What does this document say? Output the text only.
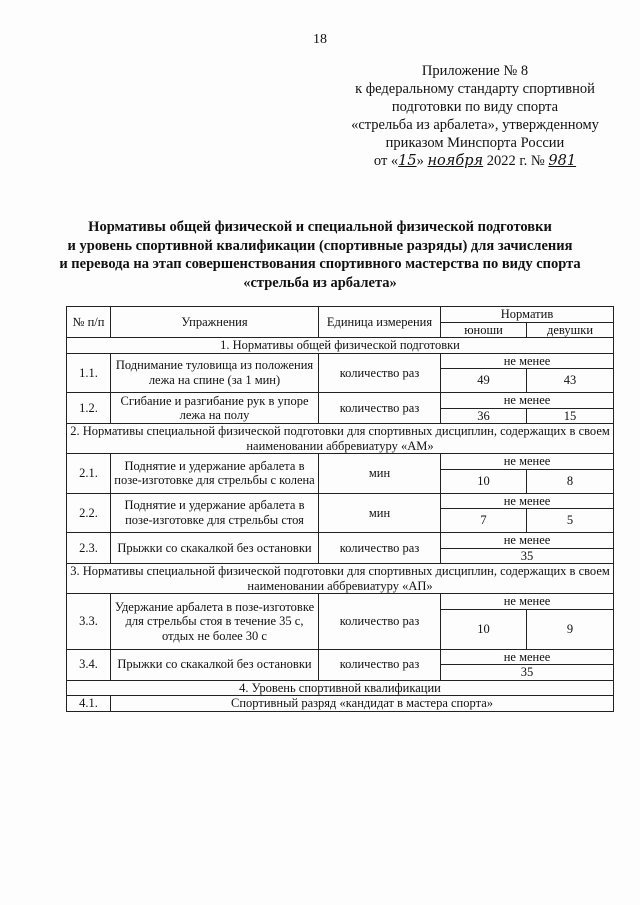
18
Приложение № 8
к федеральному стандарту спортивной
подготовки по виду спорта
«стрельба из арбалета», утвержденному
приказом Минспорта России
от «15» ноября 2022 г. № 981
Нормативы общей физической и специальной физической подготовки
и уровень спортивной квалификации (спортивные разряды) для зачисления
и перевода на этап совершенствования спортивного мастерства по виду спорта
«стрельба из арбалета»
№ п/п	Упражнения	Единица измерения	Норматив	
			юноши	девушки
1. Нормативы общей физической подготовки				
1.1.	Поднимание туловища из положения лежа на спине (за 1 мин)	количество раз	не менее	
			49	43
1.2.	Сгибание и разгибание рук в упоре лежа на полу	количество раз	не менее	
			36	15
2. Нормативы специальной физической подготовки для спортивных дисциплин, содержащих в своем наименовании аббревиатуру «АМ»				
2.1.	Поднятие и удержание арбалета в позе-изготовке для стрельбы с колена	мин	не менее	
			10	8
2.2.	Поднятие и удержание арбалета в позе-изготовке для стрельбы стоя	мин	не менее	
			7	5
2.3.	Прыжки со скакалкой без остановки	количество раз	не менее	
			35	
3. Нормативы специальной физической подготовки для спортивных дисциплин, содержащих в своем наименовании аббревиатуру «АП»				
3.3.	Удержание арбалета в позе-изготовке для стрельбы стоя в течение 35 с, отдых не более 30 с	количество раз	не менее	
			10	9
3.4.	Прыжки со скакалкой без остановки	количество раз	не менее	
			35	
4. Уровень спортивной квалификации				
4.1.	Спортивный разряд «кандидат в мастера спорта»			
